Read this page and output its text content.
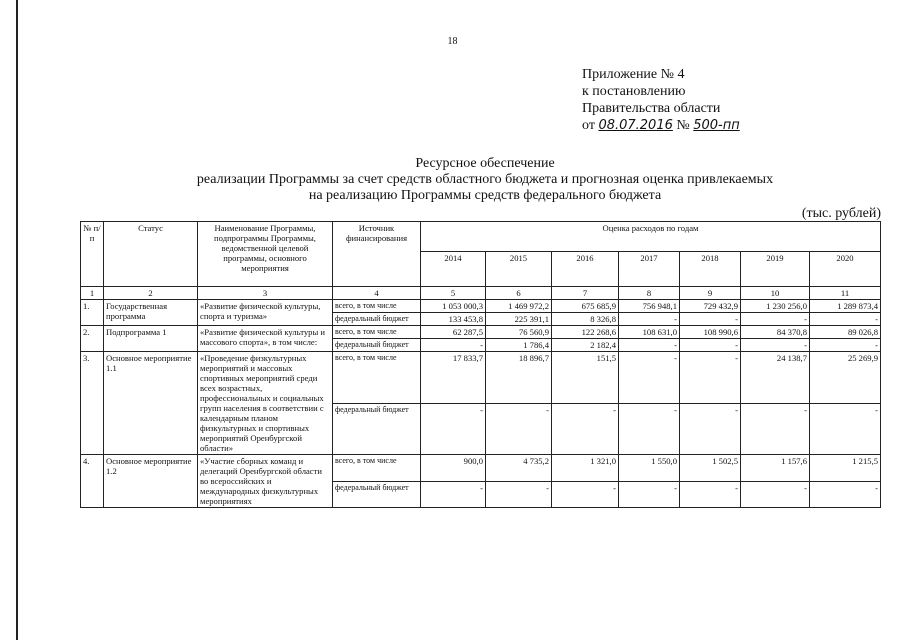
18
Приложение № 4
к постановлению
Правительства области
от 08.07.2016 № 500-пп
Ресурсное обеспечение
реализации Программы за счет средств областного бюджета и прогнозная оценка привлекаемых
на реализацию Программы средств федерального бюджета
(тыс. рублей)
№ п/п	Статус	Наименование Программы, подпрограммы Программы, ведомственной целевой программы, основного мероприятия	Источник финансирования	Оценка расходов по годам						
				2014	2015	2016	2017	2018	2019	2020
1	2	3	4	5	6	7	8	9	10	11
1.	Государственная программа	«Развитие физической культуры, спорта и туризма»	всего, в том числе	1 053 000,3	1 469 972,2	675 685,9	756 948,1	729 432,9	1 230 256,0	1 289 873,4
			федеральный бюджет	133 453,8	225 391,1	8 326,8	-	-	-	-
2.	Подпрограмма 1	«Развитие физической культуры и массового спорта», в том числе:	всего, в том числе	62 287,5	76 560,9	122 268,6	108 631,0	108 990,6	84 370,8	89 026,8
			федеральный бюджет	-	1 786,4	2 182,4	-	-	-	-
3.	Основное мероприятие 1.1	«Проведение физкультурных мероприятий и массовых спортивных мероприятий среди всех возрастных, профессиональных и социальных групп населения в соответствии с календарным планом физкультурных и спортивных мероприятий Оренбургской области»	всего, в том числе	17 833,7	18 896,7	151,5	-	-	24 138,7	25 269,9
			федеральный бюджет	-	-	-	-	-	-	-
4.	Основное мероприятие 1.2	«Участие сборных команд и делегаций Оренбургской области во всероссийских и международных физкультурных мероприятиях	всего, в том числе	900,0	4 735,2	1 321,0	1 550,0	1 502,5	1 157,6	1 215,5
			федеральный бюджет	-	-	-	-	-	-	-
